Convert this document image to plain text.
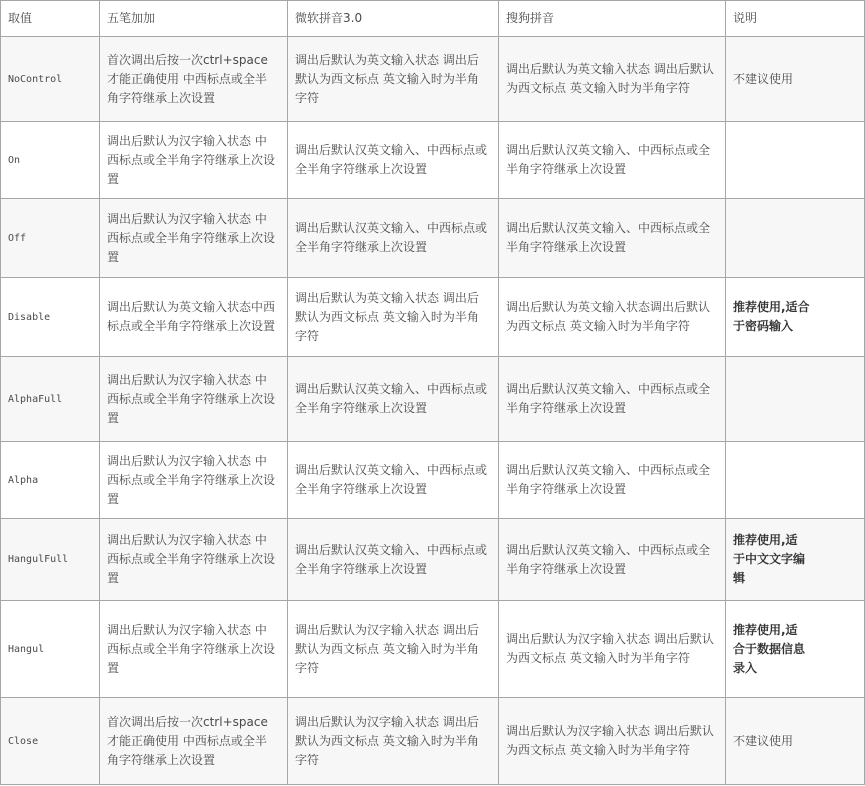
取值	五笔加加	微软拼音3.0	搜狗拼音	说明
NoControl	首次调出后按一次ctrl+space才能正确使用 中西标点或全半角字符继承上次设置	调出后默认为英文输入状态 调出后默认为西文标点 英文输入时为半角字符	调出后默认为英文输入状态 调出后默认为西文标点 英文输入时为半角字符	不建议使用
On	调出后默认为汉字输入状态 中西标点或全半角字符继承上次设置	调出后默认汉英文输入、中西标点或全半角字符继承上次设置	调出后默认汉英文输入、中西标点或全半角字符继承上次设置	
Off	调出后默认为汉字输入状态 中西标点或全半角字符继承上次设置	调出后默认汉英文输入、中西标点或全半角字符继承上次设置	调出后默认汉英文输入、中西标点或全半角字符继承上次设置	
Disable	调出后默认为英文输入状态中西标点或全半角字符继承上次设置	调出后默认为英文输入状态 调出后默认为西文标点 英文输入时为半角字符	调出后默认为英文输入状态调出后默认为西文标点 英文输入时为半角字符	推荐使用,适合于密码输入

AlphaFull	调出后默认为汉字输入状态 中西标点或全半角字符继承上次设置	调出后默认汉英文输入、中西标点或全半角字符继承上次设置	调出后默认汉英文输入、中西标点或全半角字符继承上次设置	
Alpha	调出后默认为汉字输入状态 中西标点或全半角字符继承上次设置	调出后默认汉英文输入、中西标点或全半角字符继承上次设置	调出后默认汉英文输入、中西标点或全半角字符继承上次设置	
HangulFull	调出后默认为汉字输入状态 中西标点或全半角字符继承上次设置	调出后默认汉英文输入、中西标点或全半角字符继承上次设置	调出后默认汉英文输入、中西标点或全半角字符继承上次设置	推荐使用,适于中文文字编辑

Hangul	调出后默认为汉字输入状态 中西标点或全半角字符继承上次设置	调出后默认为汉字输入状态 调出后默认为西文标点 英文输入时为半角字符	调出后默认为汉字输入状态 调出后默认为西文标点 英文输入时为半角字符	推荐使用,适合于数据信息录入

Close	首次调出后按一次ctrl+space才能正确使用 中西标点或全半角字符继承上次设置	调出后默认为汉字输入状态 调出后默认为西文标点 英文输入时为半角字符	调出后默认为汉字输入状态 调出后默认为西文标点 英文输入时为半角字符	不建议使用
